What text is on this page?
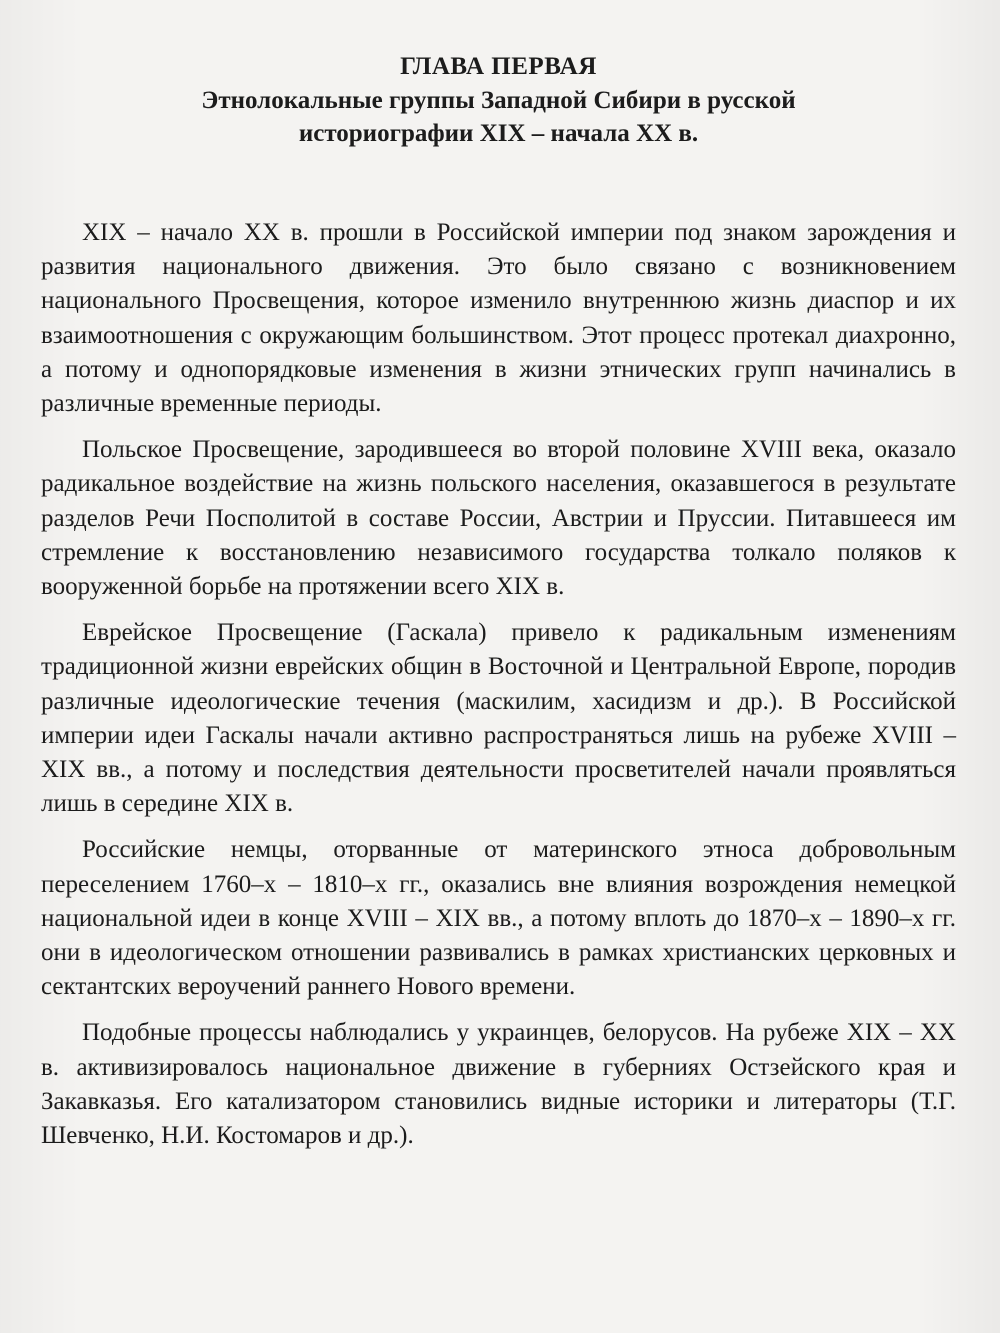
ГЛАВА ПЕРВАЯ
Этнолокальные группы Западной Сибири в русской
историографии XIX – начала XX в.

XIX – начало XX в. прошли в Российской империи под знаком зарождения и развития национального движения. Это было связано с возникновением национального Просвещения, которое изменило внутреннюю жизнь диаспор и их взаимоотношения с окружающим большинством. Этот процесс протекал диахронно, а потому и однопорядковые изменения в жизни этнических групп начинались в различные временные периоды.

Польское Просвещение, зародившееся во второй половине XVIII века, оказало радикальное воздействие на жизнь польского населения, оказавшегося в результате разделов Речи Посполитой в составе России, Австрии и Пруссии. Питавшееся им стремление к восстановлению независимого государства толкало поляков к вооруженной борьбе на протяжении всего XIX в.

Еврейское Просвещение (Гаскала) привело к радикальным изменениям традиционной жизни еврейских общин в Восточной и Центральной Европе, породив различные идеологические течения (маскилим, хасидизм и др.). В Российской империи идеи Гаскалы начали активно распространяться лишь на рубеже XVIII – XIX вв., а потому и последствия деятельности просветителей начали проявляться лишь в середине XIX в.

Российские немцы, оторванные от материнского этноса добровольным переселением 1760–х – 1810–х гг., оказались вне влияния возрождения немецкой национальной идеи в конце XVIII – XIX вв., а потому вплоть до 1870–х – 1890–х гг. они в идеологическом отношении развивались в рамках христианских церковных и сектантских вероучений раннего Нового времени.

Подобные процессы наблюдались у украинцев, белорусов. На рубеже XIX – XX в. активизировалось национальное движение в губерниях Остзейского края и Закавказья. Его катализатором становились видные историки и литераторы (Т.Г. Шевченко, Н.И. Костомаров и др.).
